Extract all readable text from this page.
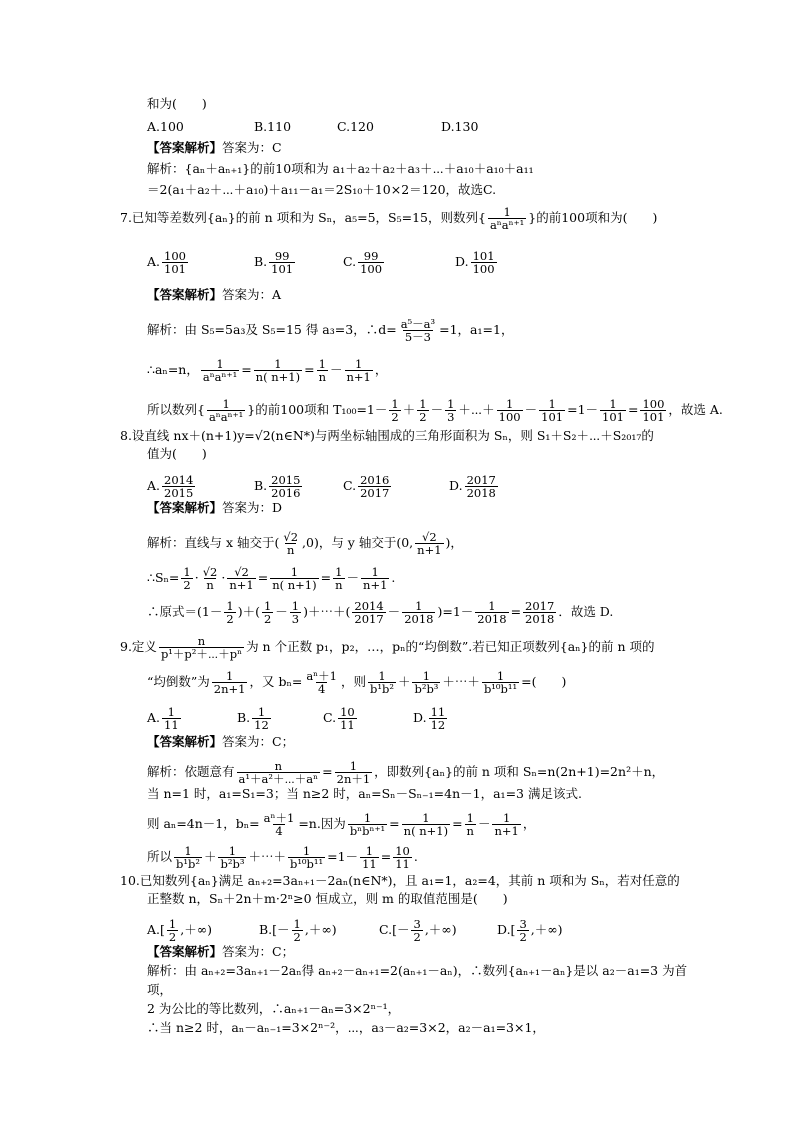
和为(　　)
A.100	B.110	C.120	D.130
【答案解析】答案为：C
解析：{aₙ＋aₙ₊₁}的前10项和为 a₁＋a₂＋a₂＋a₃＋⋯＋a₁₀＋a₁₀＋a₁₁
＝2(a₁＋a₂＋⋯＋a₁₀)＋a₁₁－a₁＝2S₁₀＋10×2＝120，故选C.
7.已知等差数列{aₙ}的前 n 项和为 Sₙ，a₅=5，S₅=15，则数列{ 1
aⁿaⁿ⁺¹ }的前100项和为(　　)
A. $\frac{100}{101}$	B. $\frac{99}{101}$	C. $\frac{99}{100}$	D. $\frac{101}{100}$
【答案解析】答案为：A
解析：由 S₅=5a₃及 S₅=15 得 a₃=3，∴d= $\frac{\text{a⁵－a³}}{5-3} =1$，a₁=1，
∴aₙ=n， 1
$a^na^{n+1} = \frac{1}{n( n+1)} = \frac{1}{n} - \frac{1}{n+1}$ ，
所以数列{ 1
aⁿaⁿ⁺¹ }的前100项和 $T_{100}=1- \frac{1}{2} + \frac{1}{2} - \frac{1}{3}$ ＋⋯＋ $\frac{1}{100} - \frac{1}{101} =1- \frac{1}{101} = \frac{100}{101}$ ，故选 A.
8.设直线 nx＋(n+1)y=√2(n∈N*)与两坐标轴围成的三角形面积为 Sₙ，则 S₁＋S₂＋⋯＋S₂₀₁₇的
值为(　　)
A. $\frac{2014}{2015}$	B. $\frac{2015}{2016}$	C. $\frac{2016}{2017}$	D. $\frac{2017}{2018}$
【答案解析】答案为：D
解析：直线与 x 轴交于( $\frac{√2}{n} ,0$)，与 y 轴交于(0, $\frac{√2}{n+1}$ )，
∴Sₙ= $\frac{1}{2} \cdot \frac{√2}{n} \cdot \frac{√2}{n+1} = \frac{1}{n( n+1)} = \frac{1}{n} - \frac{1}{n+1}$ .
∴原式$=(1- \frac{1}{2}$ )＋( $\frac{1}{2} - \frac{1}{3}$ )＋⋯＋( $\frac{2014}{2017} - \frac{1}{2018} )=1- \frac{1}{2018} = \frac{2017}{2018}$ ．故选 D.
9.定义 $\frac{n}{\text{p¹＋p²＋⋯＋pⁿ}}$ 为 n 个正数 p₁，p₂，…，pₙ的“均倒数”.若已知正项数列{aₙ}的前 n 项的
“均倒数”为 $\frac{1}{2n+1}$ ，又 $b_n= \frac{\text{aⁿ＋1}}{4}$ ，则 $\frac{1}{\text{b¹b²}} + \frac{1}{\text{b²b³}}$ ＋⋯＋ $\frac{1}{\text{b¹⁰b¹¹}}$ =(　　)
A. $\frac{1}{11}$	B. $\frac{1}{12}$	C. $\frac{10}{11}$	D. $\frac{11}{12}$
【答案解析】答案为：C；
解析：依题意有 $\frac{n}{\text{a¹＋a²＋⋯＋aⁿ}} = \frac{1}{2n+1}$ ，即数列{aₙ}的前 n 项和 Sₙ=n(2n+1)=2n²＋n，
当 n=1 时，a₁=S₁=3；当 n≥2 时，aₙ=Sₙ－Sₙ₋₁=4n－1，a₁=3 满足该式.
则 aₙ=4n－1，$b_n= \frac{\text{aⁿ＋1}}{4} =n$.因为 1
$b^nb^{n+1} = \frac{1}{n( n+1)} = \frac{1}{n} - \frac{1}{n+1}$ ，
所以 $\frac{1}{\text{b¹b²}} + \frac{1}{\text{b²b³}}$ ＋⋯＋ $\frac{1}{\text{b¹⁰b¹¹}} =1- \frac{1}{11} = \frac{10}{11}$ .
10.已知数列{aₙ}满足 aₙ₊₂=3aₙ₊₁－2aₙ(n∈N*)，且 a₁=1，a₂=4，其前 n 项和为 Sₙ，若对任意的
正整数 n，Sₙ＋2n＋m·2ⁿ≥0 恒成立，则 m 的取值范围是(　　)
$A.[ \frac{1}{2}$ ,＋∞)	$B.[- \frac{1}{2}$ ,＋∞)	$C.[- \frac{3}{2}$ ,＋∞)	$D.[ \frac{3}{2}$ ,＋∞)
【答案解析】答案为：C；
解析：由 aₙ₊₂=3aₙ₊₁－2aₙ得 aₙ₊₂－aₙ₊₁=2(aₙ₊₁－aₙ)，∴数列{aₙ₊₁－aₙ}是以 a₂－a₁=3 为首
项，
2 为公比的等比数列，∴aₙ₊₁－aₙ=3×2ⁿ⁻¹，
∴当 n≥2 时，aₙ－aₙ₋₁=3×2ⁿ⁻²，⋯，a₃－a₂=3×2，a₂－a₁=3×1，
